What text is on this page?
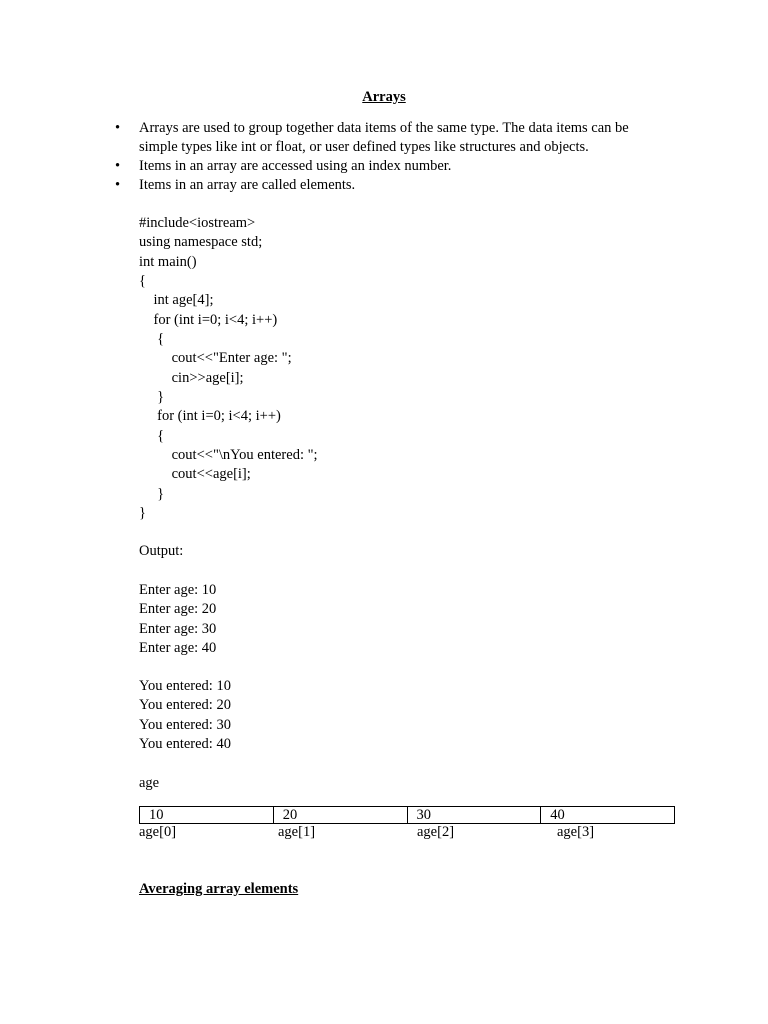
Arrays
• Arrays are used to group together data items of the same type. The data items can be simple types like int or float, or user defined types like structures and objects.
• Items in an array are accessed using an index number.
• Items in an array are called elements.
#include<iostream>
using namespace std;
int main()
{
int age[4];
for (int i=0; i<4; i++)
{
cout<<"Enter age: ";
cin>>age[i];
}
for (int i=0; i<4; i++)
{
cout<<"\nYou entered: ";
cout<<age[i];
}
}
Output:
Enter age: 10
Enter age: 20
Enter age: 30
Enter age: 40
You entered: 10
You entered: 20
You entered: 30
You entered: 40
age
10	20	30	40
age[0]	age[1]	age[2]	age[3]
Averaging array elements
